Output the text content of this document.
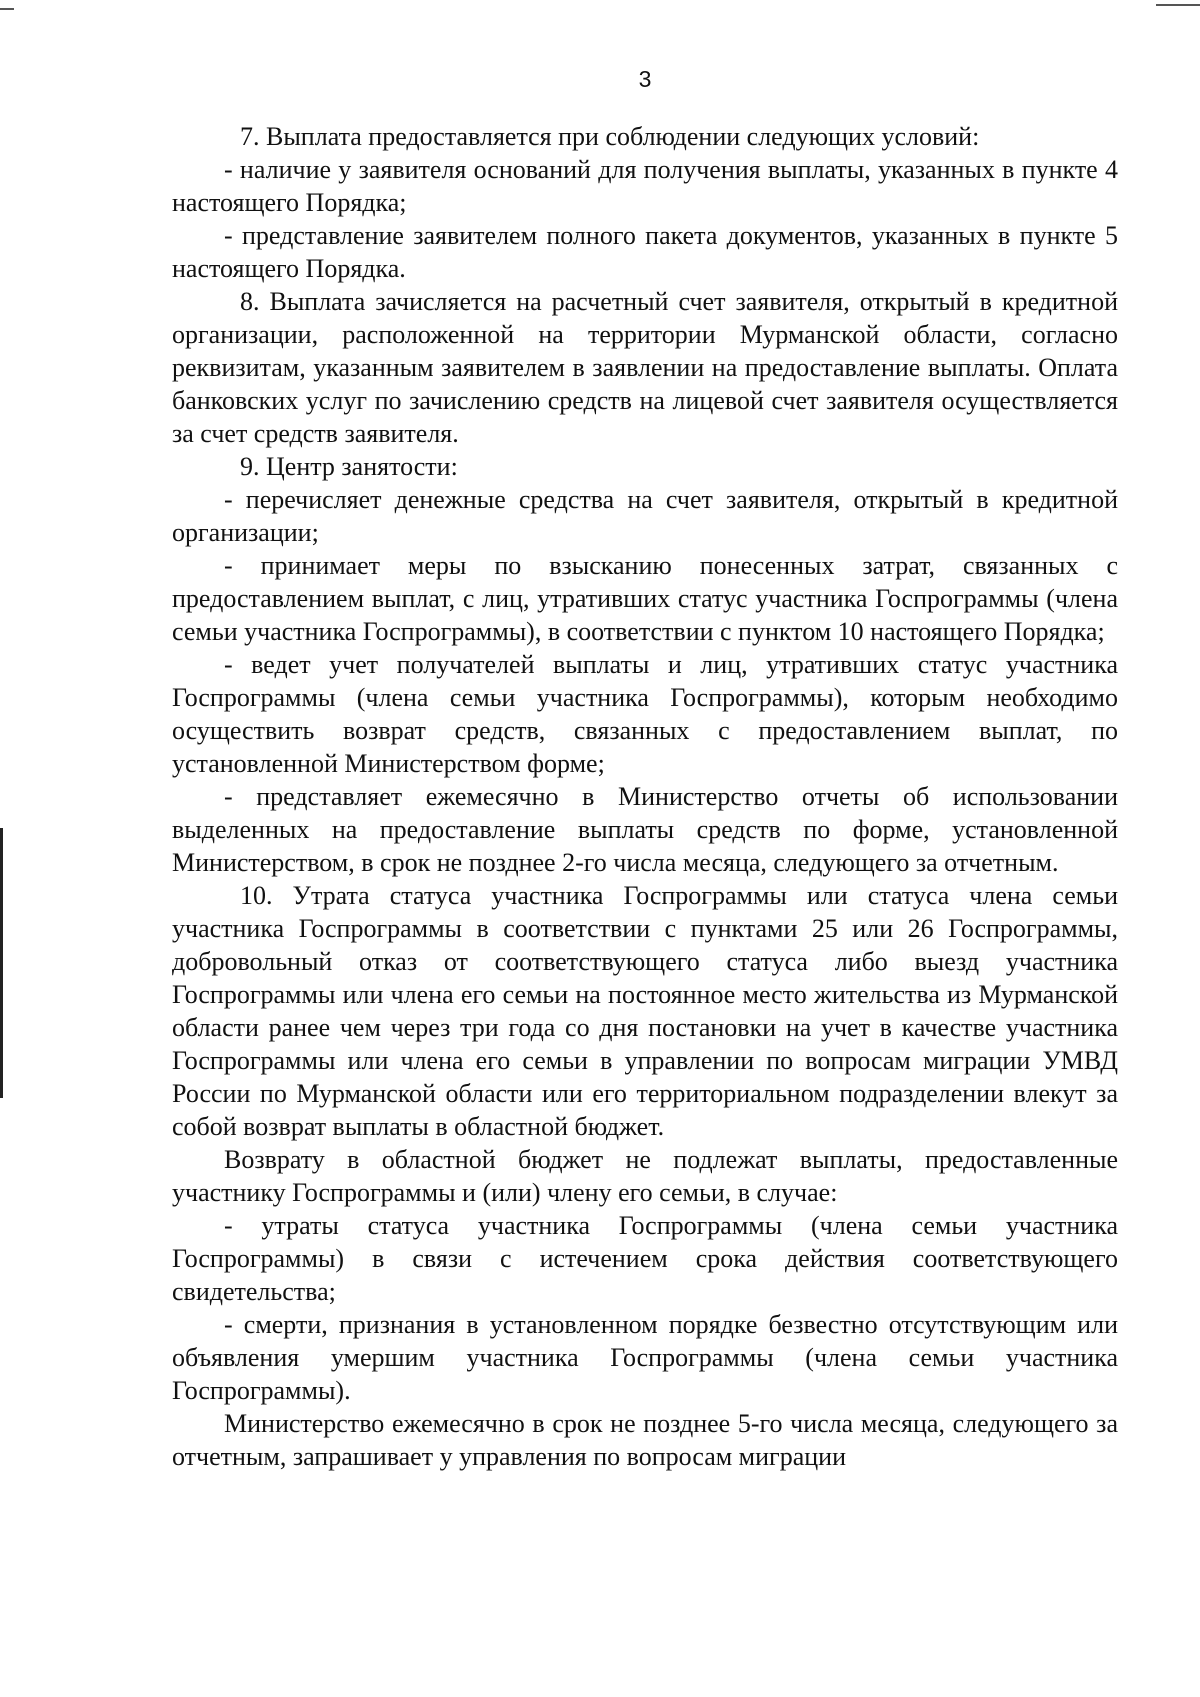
3

7. Выплата предоставляется при соблюдении следующих условий:

- наличие у заявителя оснований для получения выплаты, указанных в пункте 4 настоящего Порядка;

- представление заявителем полного пакета документов, указанных в пункте 5 настоящего Порядка.

8. Выплата зачисляется на расчетный счет заявителя, открытый в кредитной организации, расположенной на территории Мурманской области, согласно реквизитам, указанным заявителем в заявлении на предоставление выплаты. Оплата банковских услуг по зачислению средств на лицевой счет заявителя осуществляется за счет средств заявителя.

9. Центр занятости:

- перечисляет денежные средства на счет заявителя, открытый в кредитной организации;

- принимает меры по взысканию понесенных затрат, связанных с предоставлением выплат, с лиц, утративших статус участника Госпрограммы (члена семьи участника Госпрограммы), в соответствии с пунктом 10 настоящего Порядка;

- ведет учет получателей выплаты и лиц, утративших статус участника Госпрограммы (члена семьи участника Госпрограммы), которым необходимо осуществить возврат средств, связанных с предоставлением выплат, по установленной Министерством форме;

- представляет ежемесячно в Министерство отчеты об использовании выделенных на предоставление выплаты средств по форме, установленной Министерством, в срок не позднее 2-го числа месяца, следующего за отчетным.

10. Утрата статуса участника Госпрограммы или статуса члена семьи участника Госпрограммы в соответствии с пунктами 25 или 26 Госпрограммы, добровольный отказ от соответствующего статуса либо выезд участника Госпрограммы или члена его семьи на постоянное место жительства из Мурманской области ранее чем через три года со дня постановки на учет в качестве участника Госпрограммы или члена его семьи в управлении по вопросам миграции УМВД России по Мурманской области или его территориальном подразделении влекут за собой возврат выплаты в областной бюджет.

Возврату в областной бюджет не подлежат выплаты, предоставленные участнику Госпрограммы и (или) члену его семьи, в случае:

- утраты статуса участника Госпрограммы (члена семьи участника Госпрограммы) в связи с истечением срока действия соответствующего свидетельства;

- смерти, признания в установленном порядке безвестно отсутствующим или объявления умершим участника Госпрограммы (члена семьи участника Госпрограммы).

Министерство ежемесячно в срок не позднее 5-го числа месяца, следующего за отчетным, запрашивает у управления по вопросам миграции
